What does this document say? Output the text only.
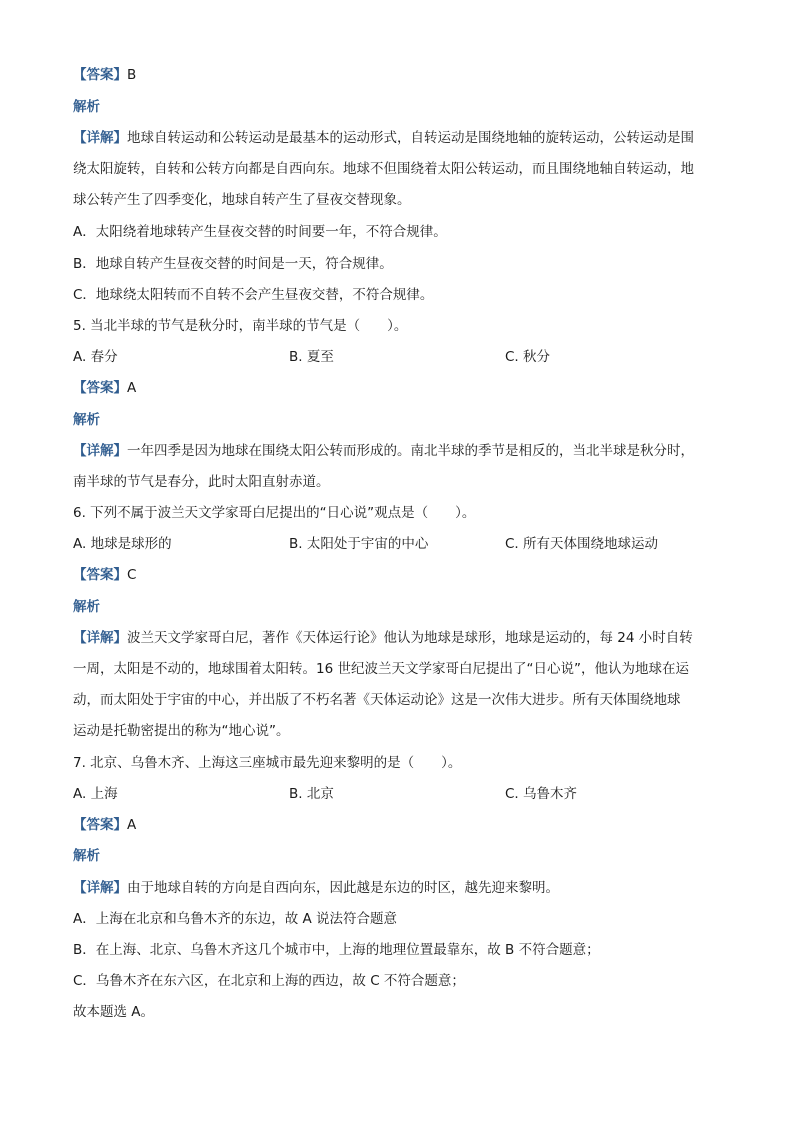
【答案】B
解析
【详解】地球自转运动和公转运动是最基本的运动形式，自转运动是围绕地轴的旋转运动，公转运动是围
绕太阳旋转，自转和公转方向都是自西向东。地球不但围绕着太阳公转运动，而且围绕地轴自转运动，地
球公转产生了四季变化，地球自转产生了昼夜交替现象。
A．太阳绕着地球转产生昼夜交替的时间要一年，不符合规律。
B．地球自转产生昼夜交替的时间是一天，符合规律。
C．地球绕太阳转而不自转不会产生昼夜交替，不符合规律。
5. 当北半球的节气是秋分时，南半球的节气是（　　）。
A. 春分	B. 夏至	C. 秋分
【答案】A
解析
【详解】一年四季是因为地球在围绕太阳公转而形成的。南北半球的季节是相反的，当北半球是秋分时，
南半球的节气是春分，此时太阳直射赤道。
6. 下列不属于波兰天文学家哥白尼提出的“日心说”观点是（　　）。
A. 地球是球形的	B. 太阳处于宇宙的中心	C. 所有天体围绕地球运动
【答案】C
解析
【详解】波兰天文学家哥白尼，著作《天体运行论》他认为地球是球形，地球是运动的，每 24 小时自转
一周，太阳是不动的，地球围着太阳转。16 世纪波兰天文学家哥白尼提出了“日心说”，他认为地球在运
动，而太阳处于宇宙的中心，并出版了不朽名著《天体运动论》这是一次伟大进步。所有天体围绕地球
运动是托勒密提出的称为“地心说”。
7. 北京、乌鲁木齐、上海这三座城市最先迎来黎明的是（　　）。
A. 上海	B. 北京	C. 乌鲁木齐
【答案】A
解析
【详解】由于地球自转的方向是自西向东，因此越是东边的时区，越先迎来黎明。
A．上海在北京和乌鲁木齐的东边，故 A 说法符合题意
B．在上海、北京、乌鲁木齐这几个城市中，上海的地理位置最靠东，故 B 不符合题意；
C．乌鲁木齐在东六区，在北京和上海的西边，故 C 不符合题意；
故本题选 A。
